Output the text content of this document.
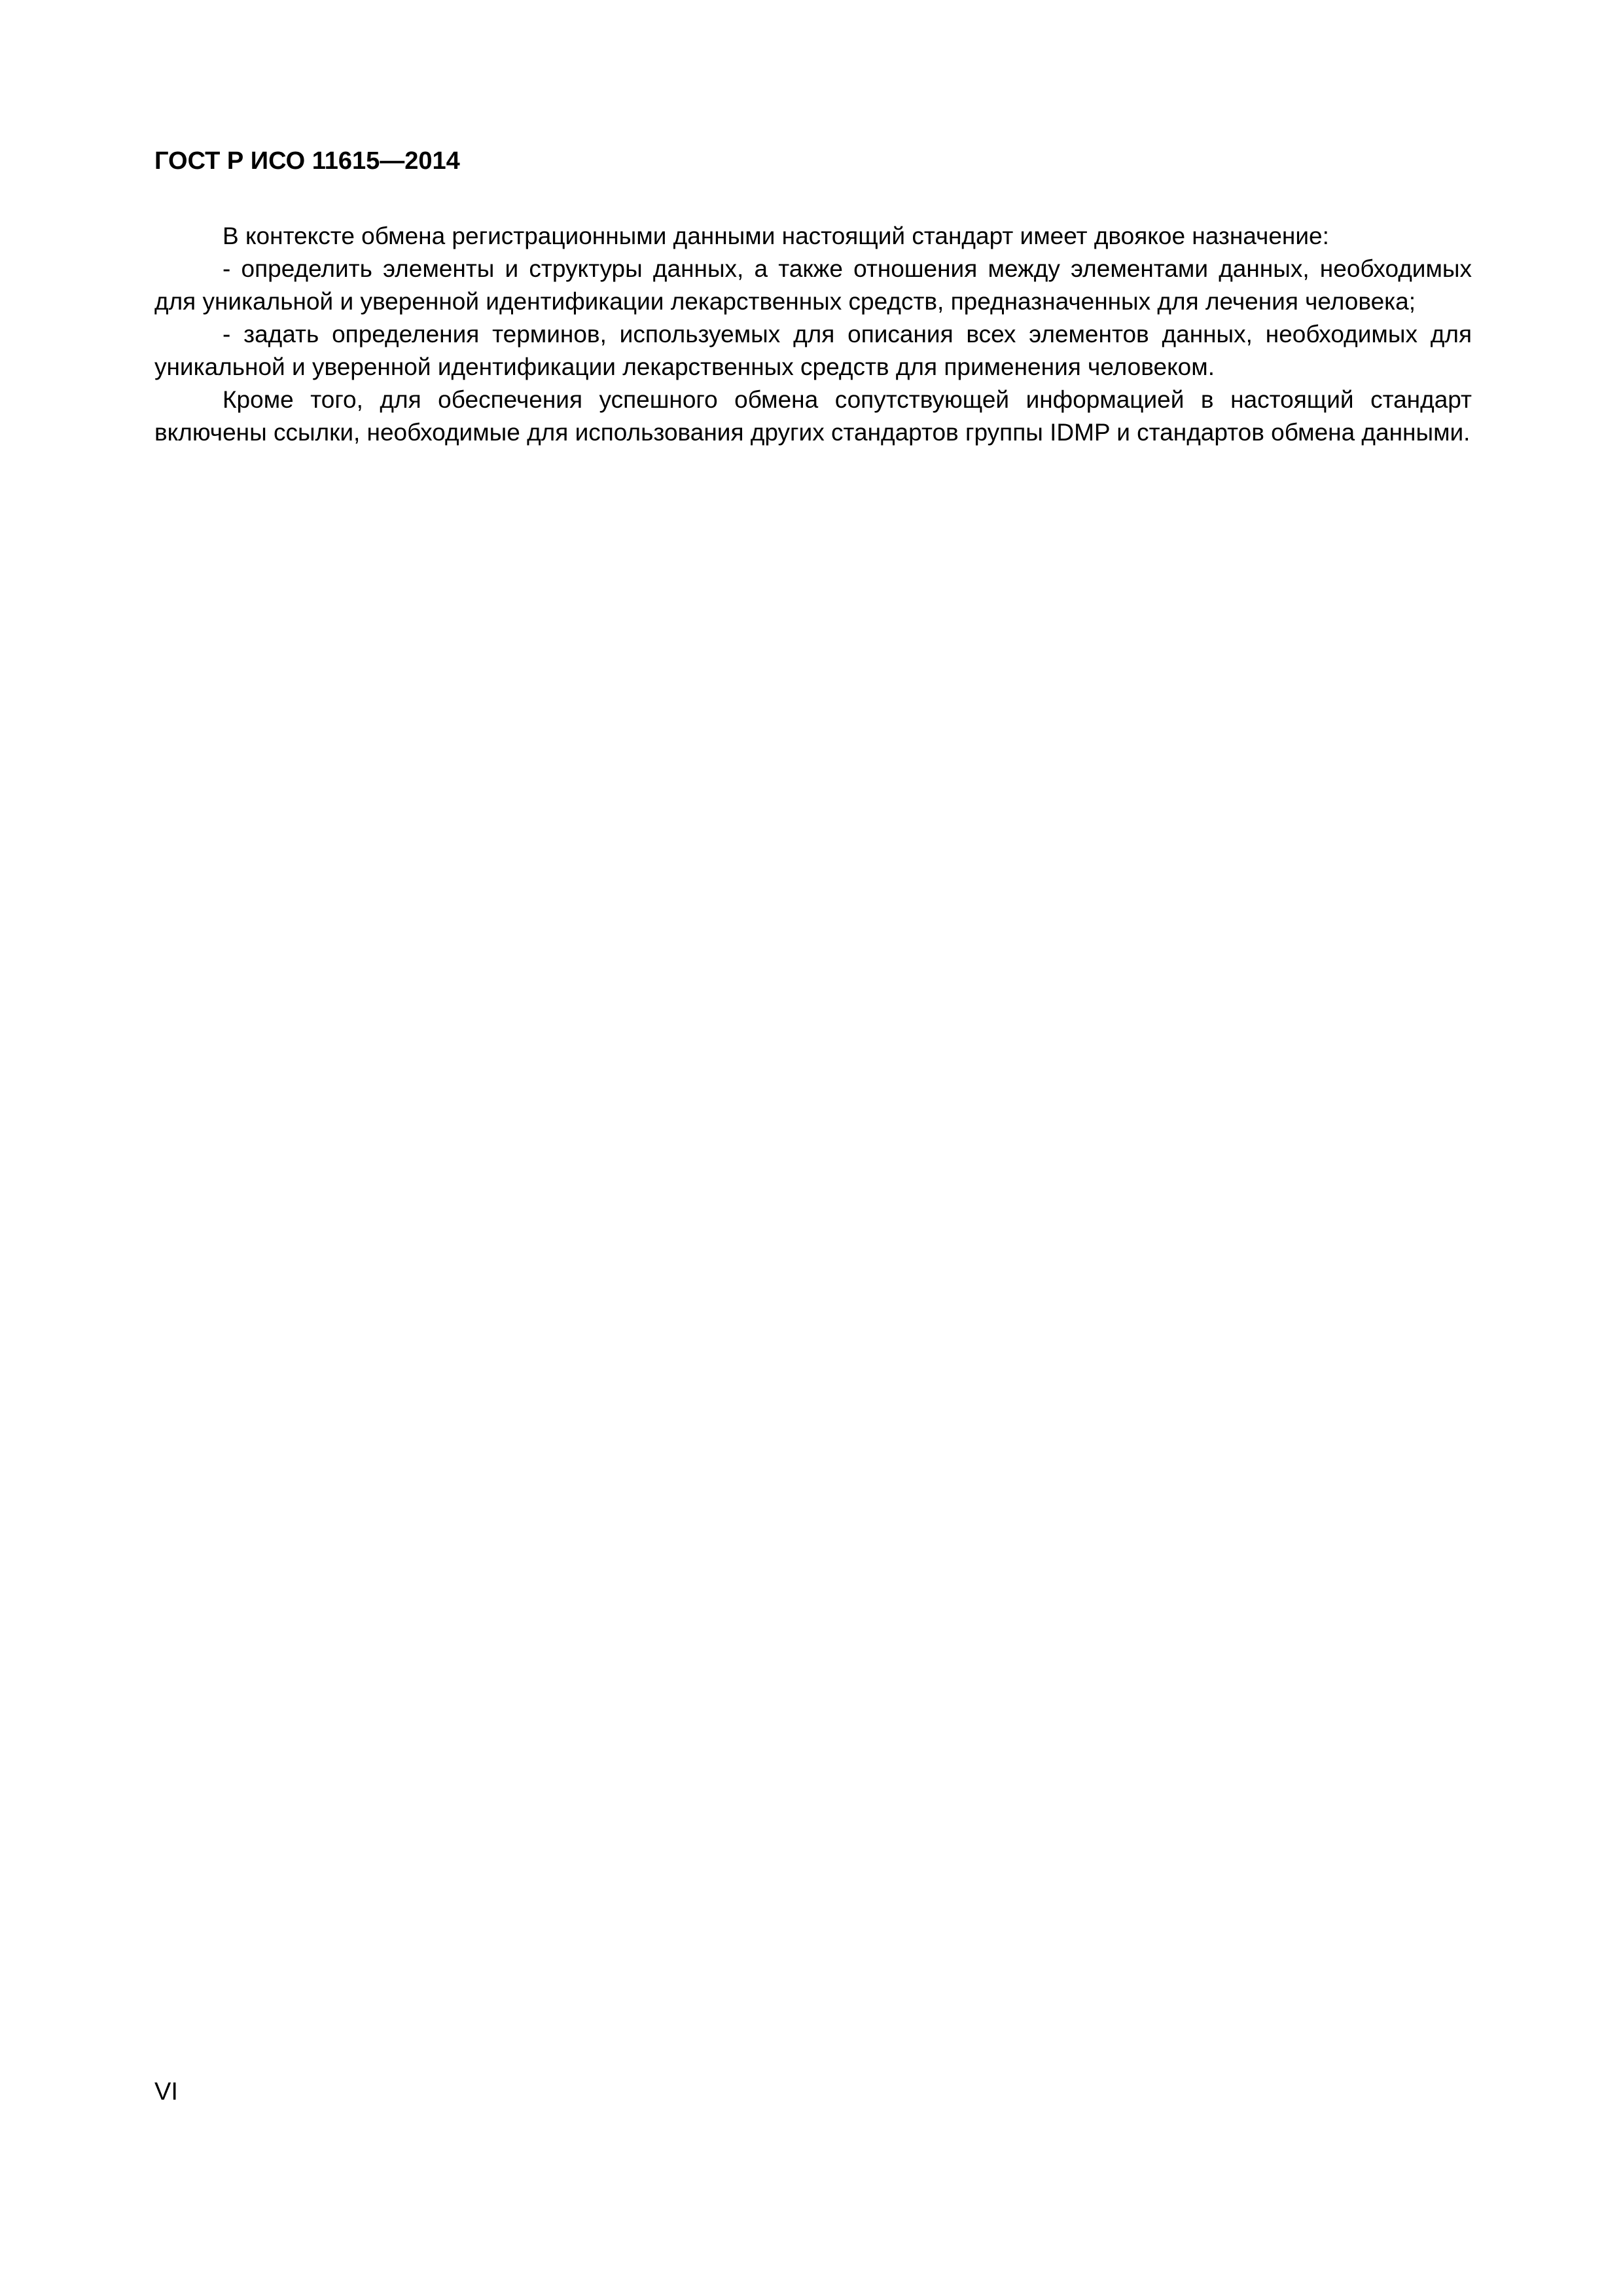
ГОСТ Р ИСО 11615—2014

В контексте обмена регистрационными данными настоящий стандарт имеет двоякое назначение:

- определить элементы и структуры данных, а также отношения между элементами данных, необходимых для уникальной и уверенной идентификации лекарственных средств, предназначенных для лечения человека;

- задать определения терминов, используемых для описания всех элементов данных, необходимых для уникальной и уверенной идентификации лекарственных средств для применения человеком.

Кроме того, для обеспечения успешного обмена сопутствующей информацией в настоящий стандарт включены ссылки, необходимые для использования других стандартов группы IDMP и стандартов обмена данными.

VI
